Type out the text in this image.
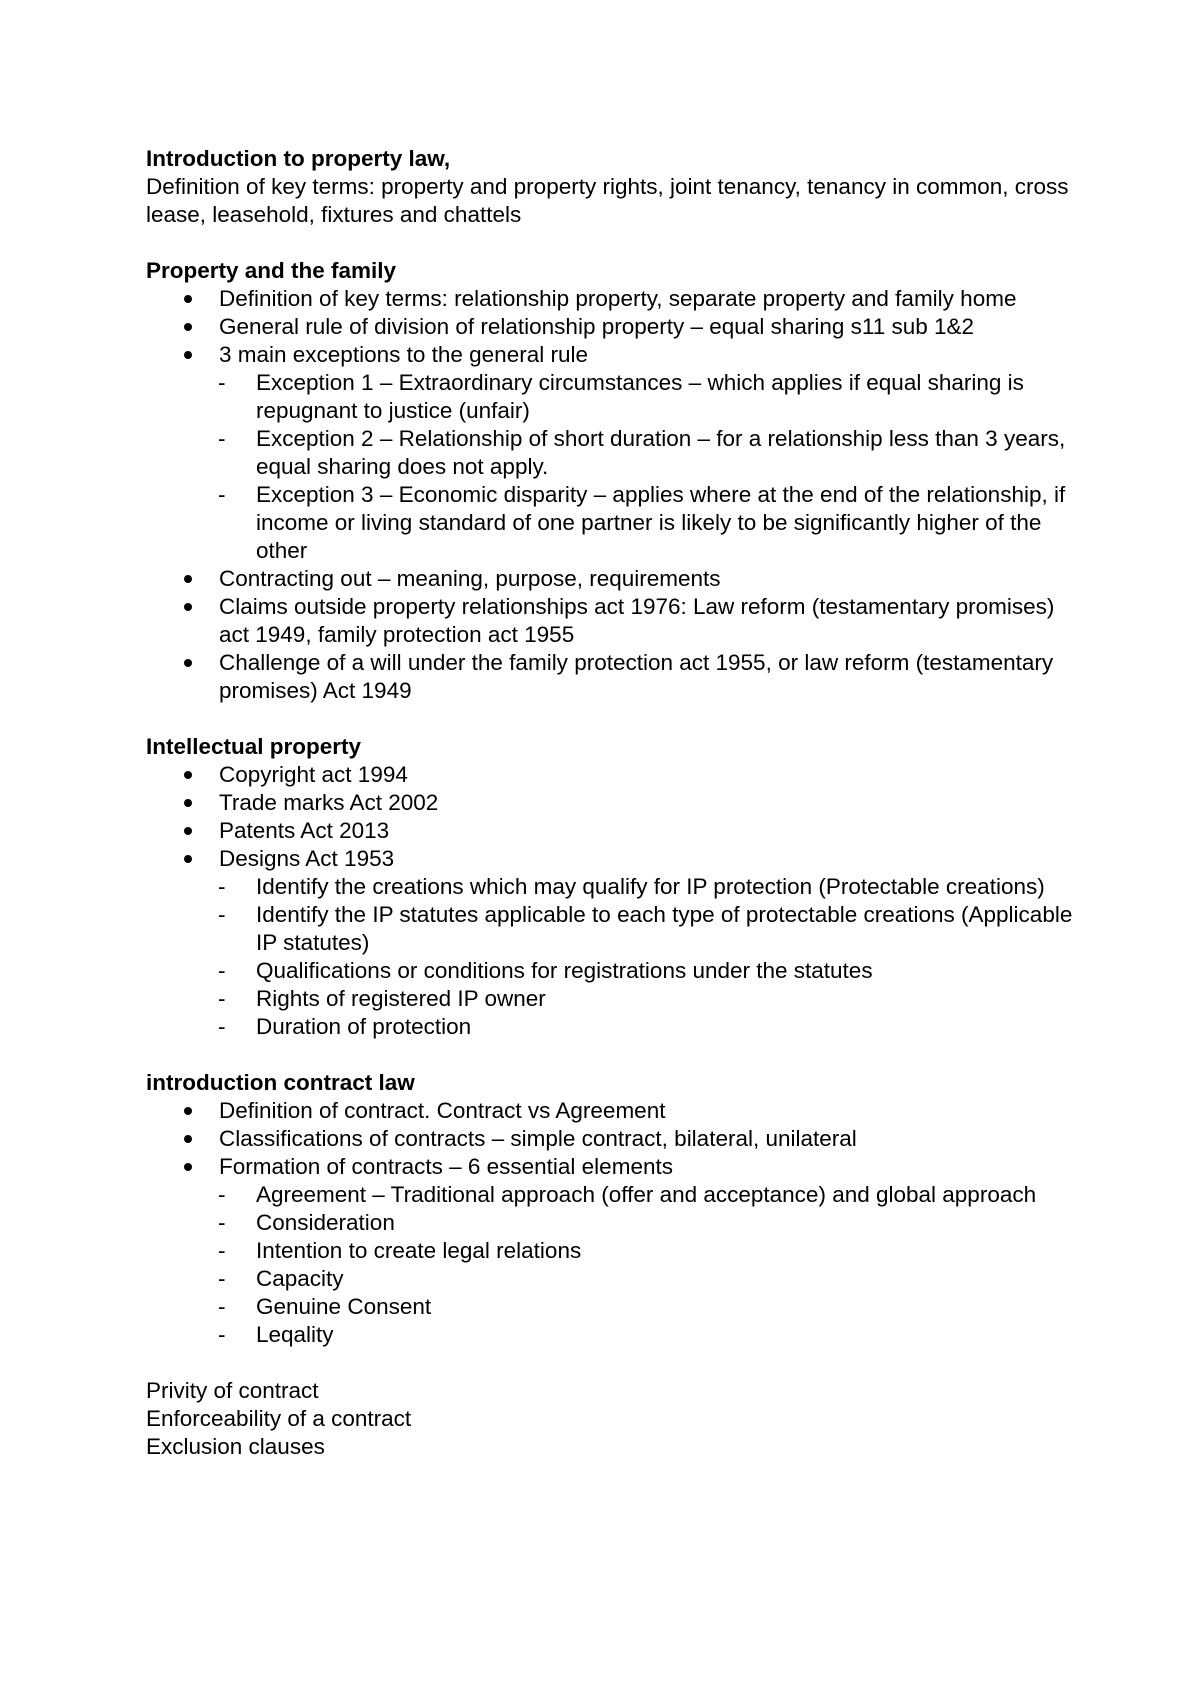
Introduction to property law,

Definition of key terms: property and property rights, joint tenancy, tenancy in common, cross lease, leasehold, fixtures and chattels

Property and the family

Definition of key terms: relationship property, separate property and family home
General rule of division of relationship property – equal sharing s11 sub 1&2
3 main exceptions to the general rule
- Exception 1 – Extraordinary circumstances – which applies if equal sharing is repugnant to justice (unfair)
- Exception 2 – Relationship of short duration – for a relationship less than 3 years, equal sharing does not apply.
- Exception 3 – Economic disparity – applies where at the end of the relationship, if income or living standard of one partner is likely to be significantly higher of the other
Contracting out – meaning, purpose, requirements
Claims outside property relationships act 1976: Law reform (testamentary promises) act 1949, family protection act 1955
Challenge of a will under the family protection act 1955, or law reform (testamentary promises) Act 1949

Intellectual property

Copyright act 1994
Trade marks Act 2002
Patents Act 2013
Designs Act 1953
- Identify the creations which may qualify for IP protection (Protectable creations)
- Identify the IP statutes applicable to each type of protectable creations (Applicable IP statutes)
- Qualifications or conditions for registrations under the statutes
- Rights of registered IP owner
- Duration of protection

introduction contract law

Definition of contract. Contract vs Agreement
Classifications of contracts – simple contract, bilateral, unilateral
Formation of contracts – 6 essential elements
- Agreement – Traditional approach (offer and acceptance) and global approach
- Consideration
- Intention to create legal relations
- Capacity
- Genuine Consent
- Leqality

Privity of contract

Enforceability of a contract

Exclusion clauses
